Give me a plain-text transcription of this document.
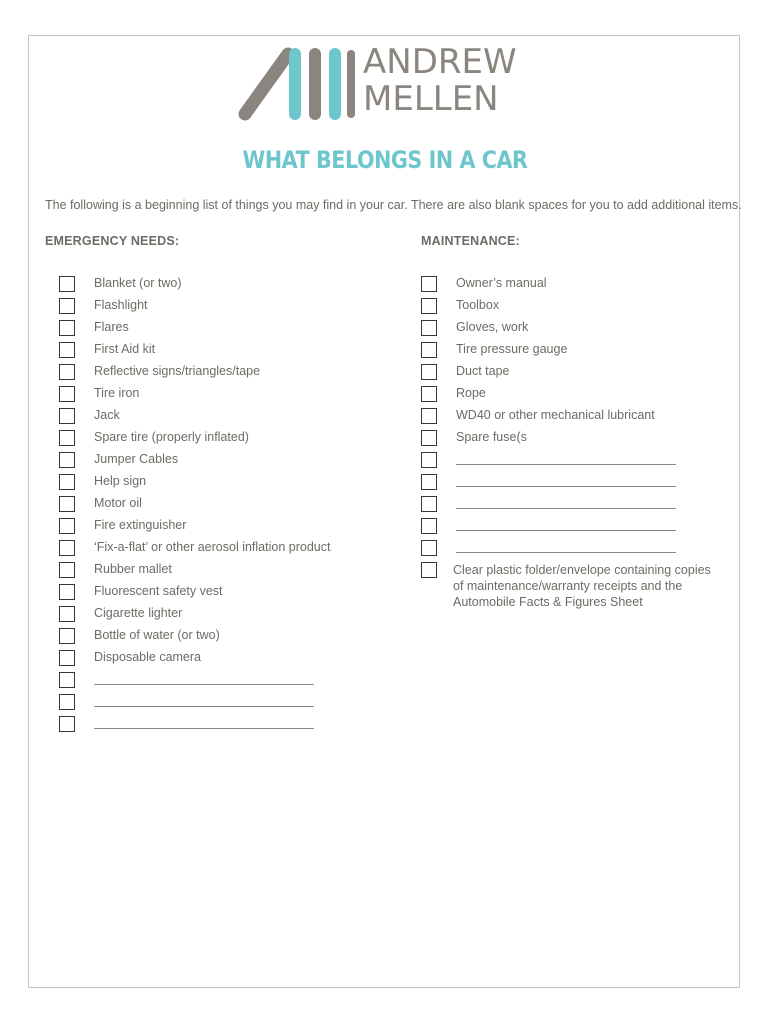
ANDREW
MELLEN
WHAT BELONGS IN A CAR
The following is a beginning list of things you may find in your car. There are also blank spaces for you to add additional items.
EMERGENCY NEEDS:	MAINTENANCE:
Blanket (or two)
Flashlight
Flares
First Aid kit
Reflective signs/triangles/tape
Tire iron
Jack
Spare tire (properly inflated)
Jumper Cables
Help sign
Motor oil
Fire extinguisher
‘Fix-a-flat’ or other aerosol inflation product
Rubber mallet
Fluorescent safety vest
Cigarette lighter
Bottle of water (or two)
Disposable camera
Owner’s manual
Toolbox
Gloves, work
Tire pressure gauge
Duct tape
Rope
WD40 or other mechanical lubricant
Spare fuse(s
Clear plastic folder/envelope containing copies
of maintenance/warranty receipts and the
Automobile Facts & Figures Sheet
